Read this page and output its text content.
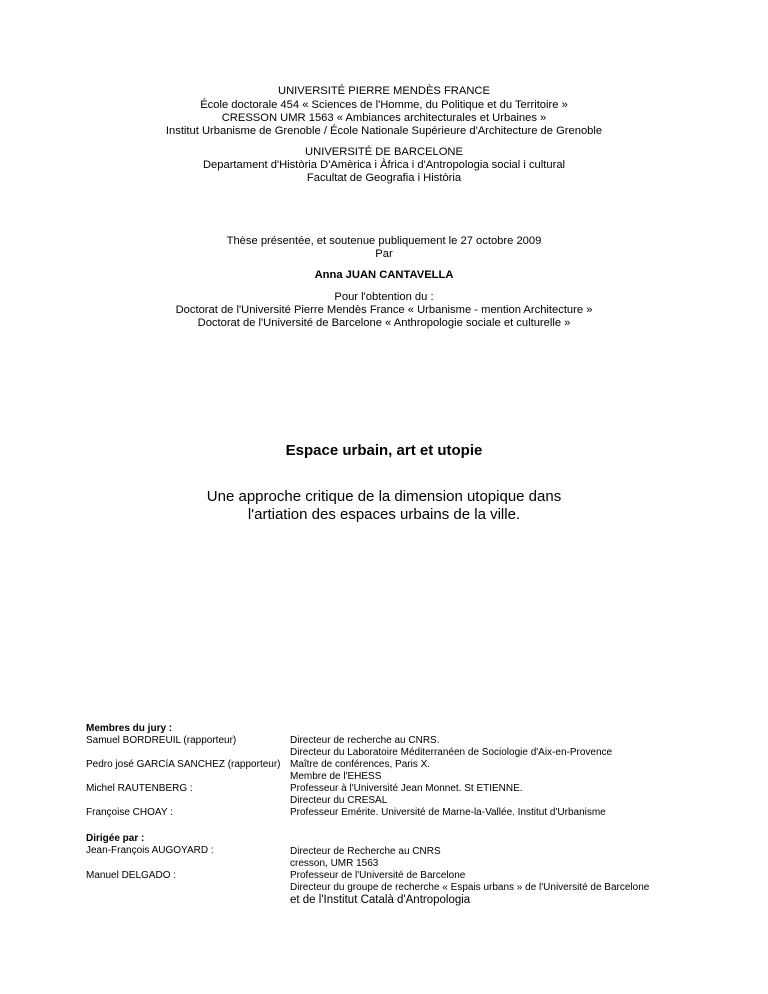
UNIVERSITÉ PIERRE MENDÈS FRANCE
École doctorale 454 « Sciences de l'Homme, du Politique et du Territoire »
CRESSON UMR 1563 « Ambiances architecturales et Urbaines »
Institut Urbanisme de Grenoble / École Nationale Supérieure d'Architecture de Grenoble
UNIVERSITÉ DE BARCELONE
Departament d'Història D'Amèrica i Àfrica i d'Antropologia social i cultural
Facultat de Geografia i Història
Thèse présentée, et soutenue publiquement le 27 octobre 2009
Par
Anna JUAN CANTAVELLA
Pour l'obtention du :
Doctorat de l'Université Pierre Mendès France « Urbanisme - mention Architecture »
Doctorat de l'Université de Barcelone « Anthropologie sociale et culturelle »
Espace urbain, art et utopie
Une approche critique de la dimension utopique dans
l'artiation des espaces urbains de la ville.
Membres du jury :
Samuel BORDREUIL (rapporteur)	Directeur de recherche au CNRS.
Directeur du Laboratoire Méditerranéen de Sociologie d'Aix-en-Provence
Pedro josé GARCíA SANCHEZ (rapporteur) Maître de conférences, Paris X.
Membre de l'EHESS
Michel RAUTENBERG :	Professeur à l'Université Jean Monnet. St ETIENNE.
Directeur du CRESAL
Françoise CHOAY :	Professeur Emérite. Université de Marne-la-Vallée. Institut d'Urbanisme
Dirigée par :
Jean-François AUGOYARD :	Directeur de Recherche au CNRS
cresson, UMR 1563
Manuel DELGADO :	Professeur de l'Université de Barcelone
Directeur du groupe de recherche « Espais urbans » de l'Université de Barcelone
et de l'Institut Català d'Antropologia
